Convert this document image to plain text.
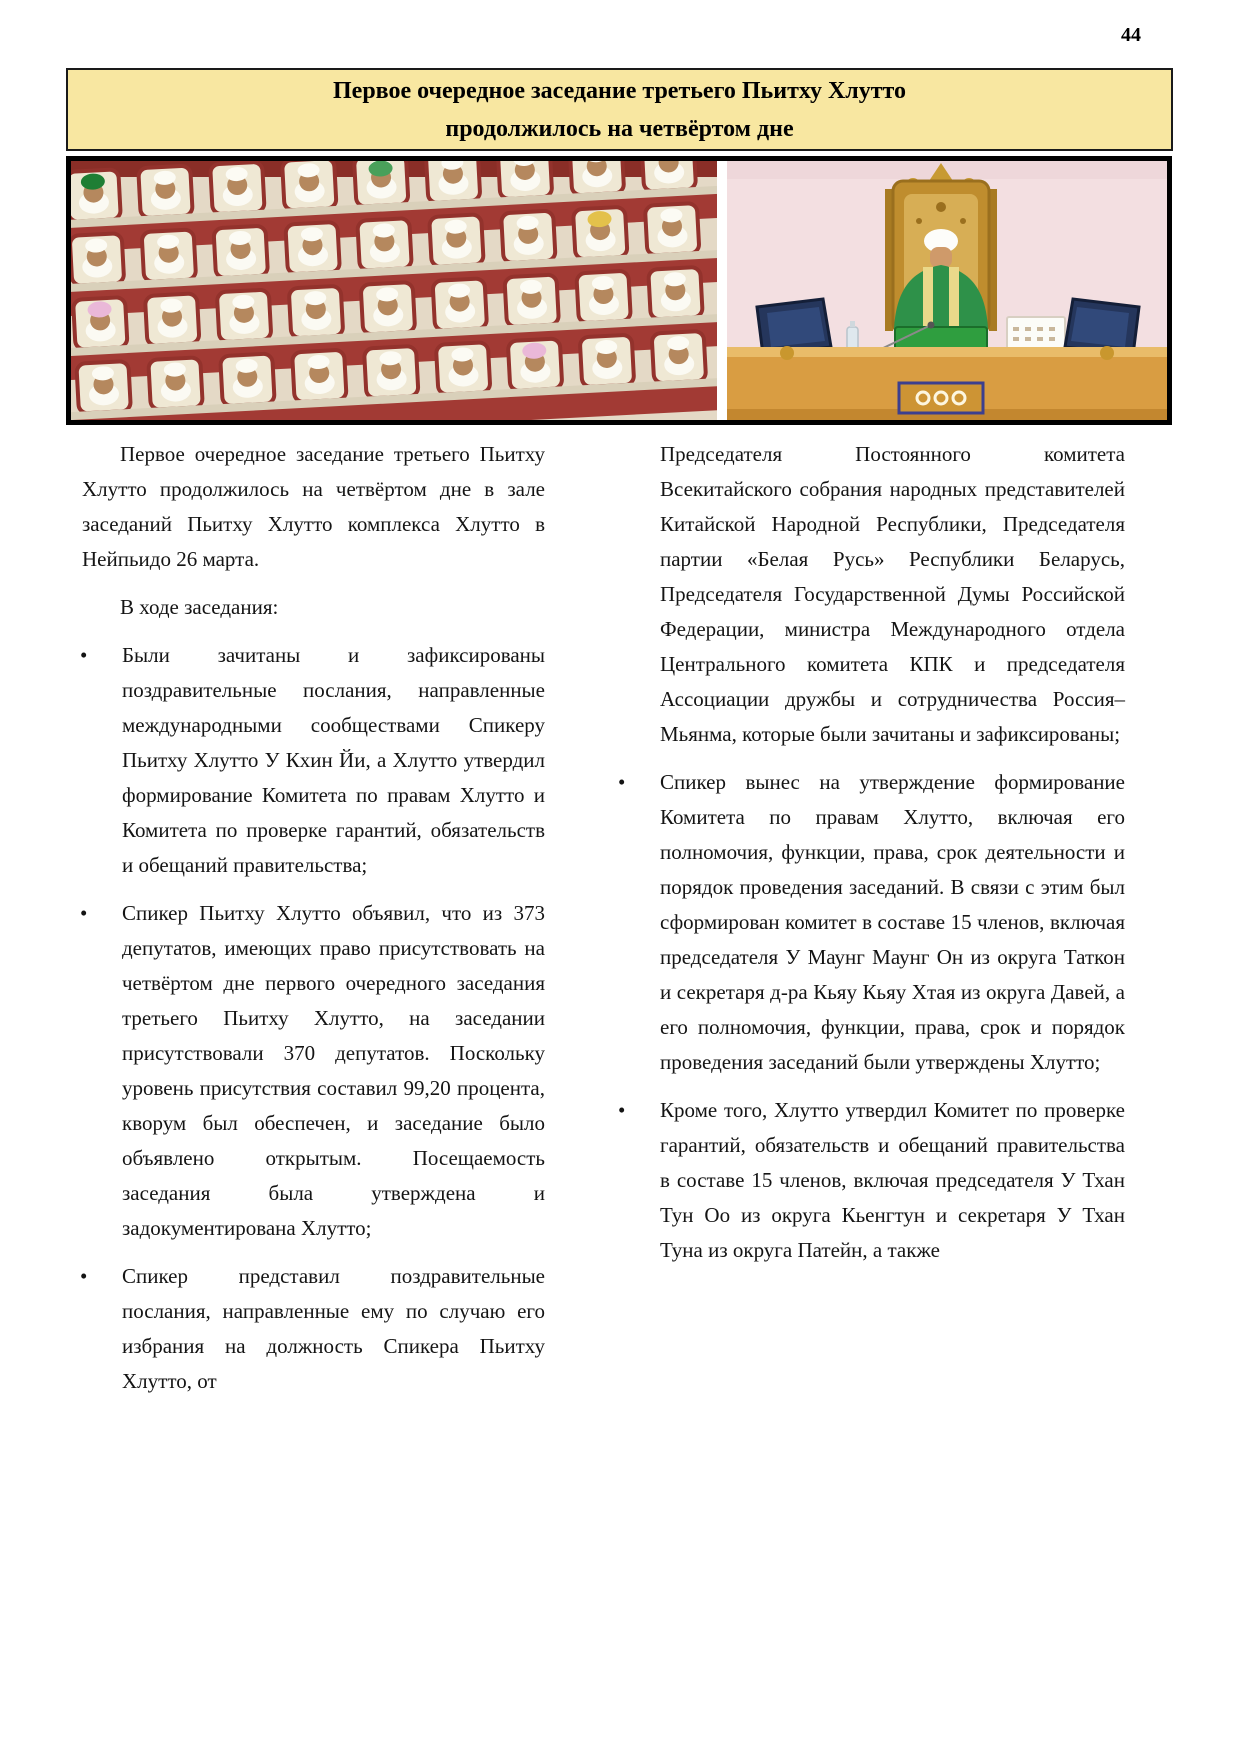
44
Первое очередное заседание третьего Пьитху Хлутто
продолжилось на четвёртом дне

Первое очередное заседание третьего Пьитху Хлутто продолжилось на четвёртом дне в зале заседаний Пьитху Хлутто комплекса Хлутто в Нейпьидо 26 марта.

В ходе заседания:

•	Были зачитаны и зафиксированы поздравительные послания, направленные международными сообществами Спикеру Пьитху Хлутто У Кхин Йи, а Хлутто утвердил формирование Комитета по правам Хлутто и Комитета по проверке гарантий, обязательств и обещаний правительства;
•	Спикер Пьитху Хлутто объявил, что из 373 депутатов, имеющих право присутствовать на четвёртом дне первого очередного заседания третьего Пьитху Хлутто, на заседании присутствовали 370 депутатов. Поскольку уровень присутствия составил 99,20 процента, кворум был обеспечен, и заседание было объявлено открытым. Посещаемость заседания была утверждена и задокументирована Хлутто;
•	Спикер представил поздравительные послания, направленные ему по случаю его избрания на должность Спикера Пьитху Хлутто, от

Председателя Постоянного комитета Всекитайского собрания народных представителей Китайской Народной Республики, Председателя партии «Белая Русь» Республики Беларусь, Председателя Государственной Думы Российской Федерации, министра Международного отдела Центрального комитета КПК и председателя Ассоциации дружбы и сотрудничества Россия–Мьянма, которые были зачитаны и зафиксированы;

•	Спикер вынес на утверждение формирование Комитета по правам Хлутто, включая его полномочия, функции, права, срок деятельности и порядок проведения заседаний. В связи с этим был сформирован комитет в составе 15 членов, включая председателя У Маунг Маунг Он из округа Таткон и секретаря д-ра Кьяу Кьяу Хтая из округа Давей, а его полномочия, функции, права, срок и порядок проведения заседаний были утверждены Хлутто;
•	Кроме того, Хлутто утвердил Комитет по проверке гарантий, обязательств и обещаний правительства в составе 15 членов, включая председателя У Тхан Тун Оо из округа Кьенгтун и секретаря У Тхан Туна из округа Патейн, а также
